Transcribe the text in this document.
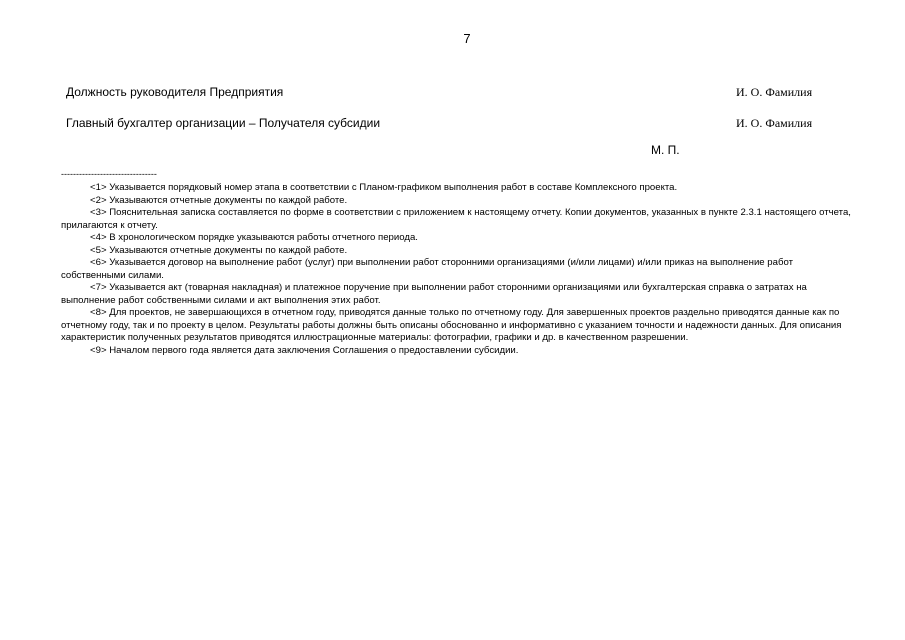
7
Должность руководителя Предприятия	И. О. Фамилия
Главный бухгалтер организации – Получателя субсидии	И. О. Фамилия
М. П.
--------------------------------

<1> Указывается порядковый номер этапа в соответствии с Планом-графиком выполнения работ в составе Комплексного проекта.

<2> Указываются отчетные документы по каждой работе.

<3> Пояснительная записка составляется по форме в соответствии с приложением к настоящему отчету. Копии документов, указанных в пункте 2.3.1 настоящего отчета, прилагаются к отчету.

<4> В хронологическом порядке указываются работы отчетного периода.

<5> Указываются отчетные документы по каждой работе.

<6> Указывается договор на выполнение работ (услуг) при выполнении работ сторонними организациями (и/или лицами) и/или приказ на выполнение работ собственными силами.

<7> Указывается акт (товарная накладная) и платежное поручение при выполнении работ сторонними организациями или бухгалтерская справка о затратах на выполнение работ собственными силами и акт выполнения этих работ.

<8> Для проектов, не завершающихся в отчетном году, приводятся данные только по отчетному году. Для завершенных проектов раздельно приводятся данные как по отчетному году, так и по проекту в целом. Результаты работы должны быть описаны обоснованно и информативно с указанием точности и надежности данных. Для описания характеристик полученных результатов приводятся иллюстрационные материалы: фотографии, графики и др. в качественном разрешении.

<9> Началом первого года является дата заключения Соглашения о предоставлении субсидии.
